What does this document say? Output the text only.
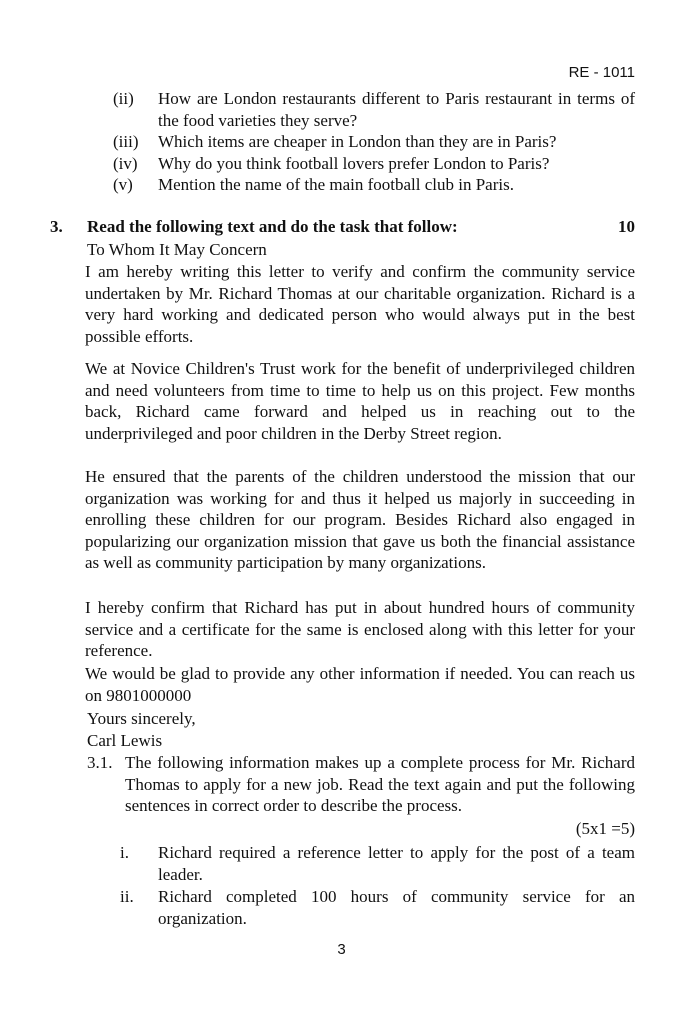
RE - 1011
(ii)	How are London restaurants different to Paris restaurant in terms of the food varieties they serve?
(iii)	Which items are cheaper in London than they are in Paris?
(iv)	Why do you think football lovers prefer London to Paris?
(v)	Mention the name of the main football club in Paris.
3.	Read the following text and do the task that follow:	10

To Whom It May Concern

I am hereby writing this letter to verify and confirm the community service undertaken by Mr. Richard Thomas at our charitable organization. Richard is a very hard working and dedicated person who would always put in the best possible efforts.

We at Novice Children's Trust work for the benefit of underprivileged children and need volunteers from time to time to help us on this project. Few months back, Richard came forward and helped us in reaching out to the underprivileged and poor children in the Derby Street region.

He ensured that the parents of the children understood the mission that our organization was working for and thus it helped us majorly in succeeding in enrolling these children for our program. Besides Richard also engaged in popularizing our organization mission that gave us both the financial assistance as well as community participation by many organizations.

I hereby confirm that Richard has put in about hundred hours of community service and a certificate for the same is enclosed along with this letter for your reference.

We would be glad to provide any other information if needed. You can reach us on 9801000000

Yours sincerely,

Carl Lewis

3.1. The following information makes up a complete process for Mr. Richard Thomas to apply for a new job. Read the text again and put the following sentences in correct order to describe the process.
(5x1 =5)
i.	Richard required a reference letter to apply for the post of a team leader.
ii.	Richard completed 100 hours of community service for an organization.
3
